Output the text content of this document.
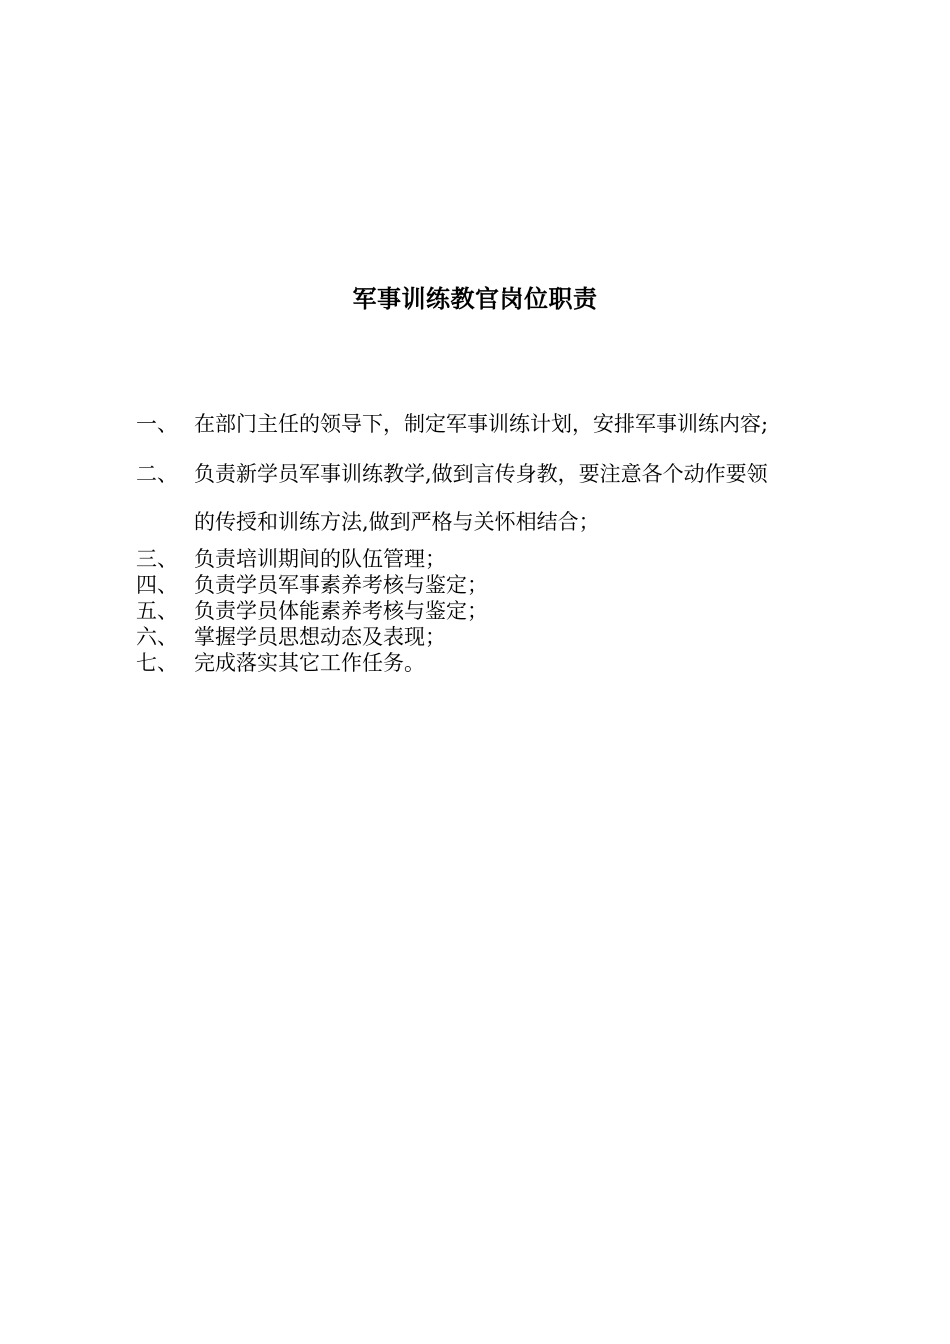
军事训练教官岗位职责
一、 在部门主任的领导下，制定军事训练计划，安排军事训练内容;
二、 负责新学员军事训练教学,做到言传身教，要注意各个动作要领
的传授和训练方法,做到严格与关怀相结合；
三、 负责培训期间的队伍管理；
四、 负责学员军事素养考核与鉴定；
五、 负责学员体能素养考核与鉴定；
六、 掌握学员思想动态及表现；
七、 完成落实其它工作任务。
